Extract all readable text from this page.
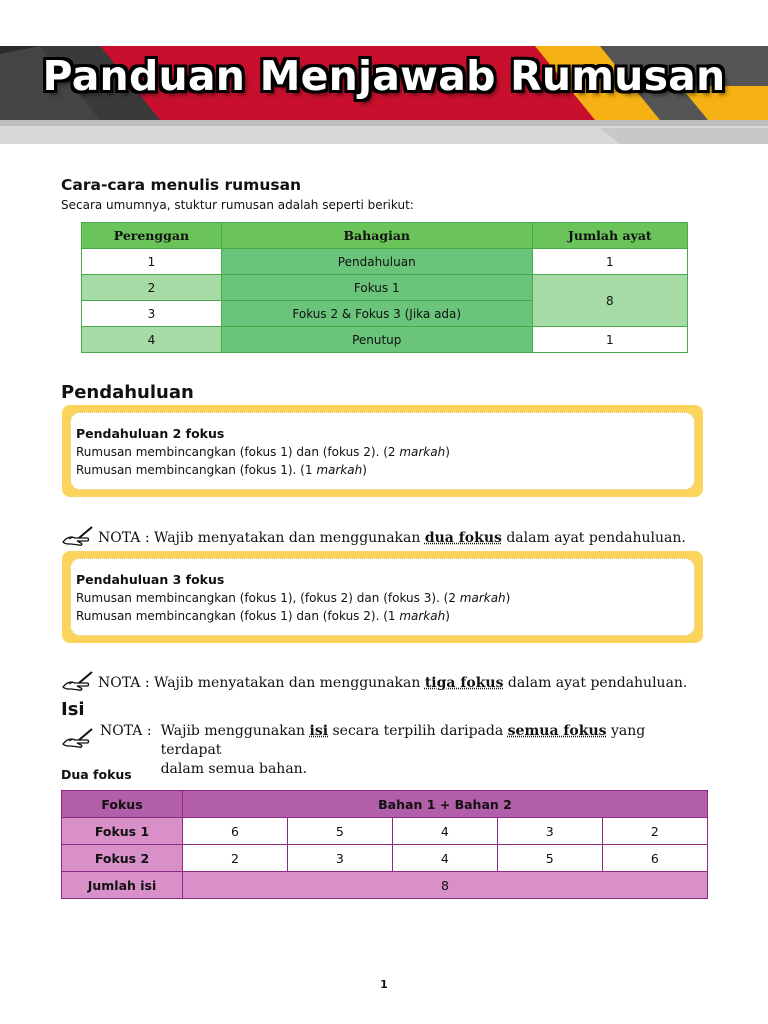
Panduan Menjawab Rumusan
Cara-cara menulis rumusan
Secara umumnya, stuktur rumusan adalah seperti berikut:
Perenggan	Bahagian	Jumlah ayat
1	Pendahuluan	1
2	Fokus 1	8
3	Fokus 2 & Fokus 3 (Jika ada)	
4	Penutup	1
Pendahuluan
Pendahuluan 2 fokus
Rumusan membincangkan (fokus 1) dan (fokus 2). (2 markah)
Rumusan membincangkan (fokus 1). (1 markah)
NOTA : Wajib menyatakan dan menggunakan dua fokus dalam ayat pendahuluan.
Pendahuluan 3 fokus
Rumusan membincangkan (fokus 1), (fokus 2) dan (fokus 3). (2 markah)
Rumusan membincangkan (fokus 1) dan (fokus 2). (1 markah)
NOTA : Wajib menyatakan dan menggunakan tiga fokus dalam ayat pendahuluan.
Isi
NOTA : Wajib menggunakan isi secara terpilih daripada semua fokus yang terdapat
dalam semua bahan.
Dua fokus
Fokus	Bahan 1 + Bahan 2				
Fokus 1	6	5	4	3	2
Fokus 2	2	3	4	5	6
Jumlah isi	8				
1
